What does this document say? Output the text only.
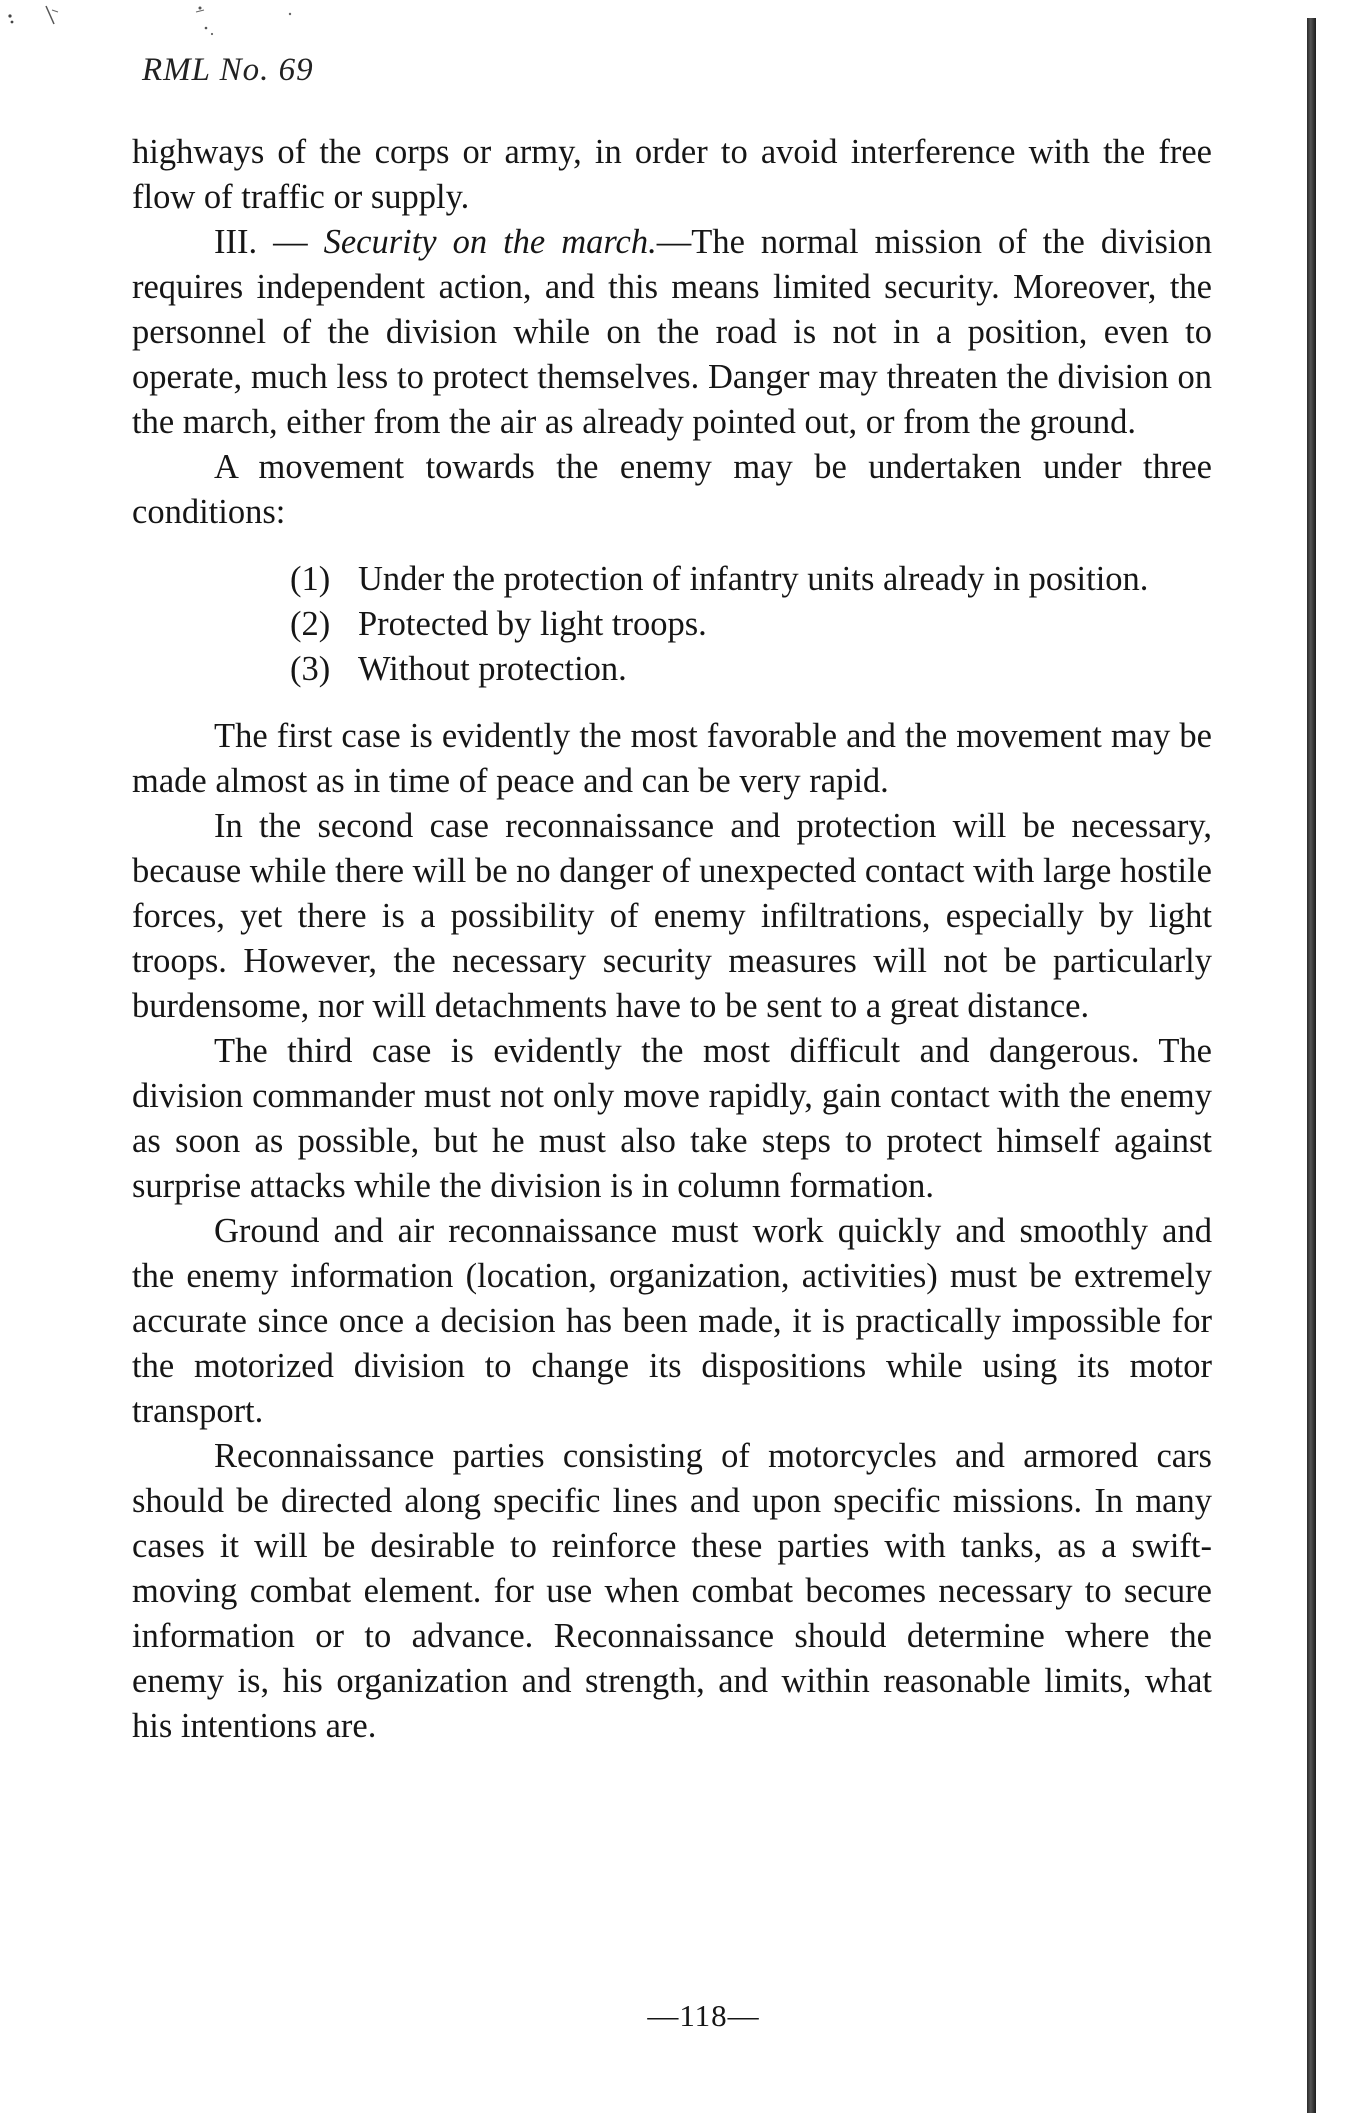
RML No. 69

highways of the corps or army, in order to avoid interference with the free flow of traffic or supply.

III. — Security on the march.—The normal mission of the division requires independent action, and this means limited security. Moreover, the personnel of the division while on the road is not in a position, even to operate, much less to protect themselves. Danger may threaten the division on the march, either from the air as already pointed out, or from the ground.

A movement towards the enemy may be undertaken under three conditions:

(1) Under the protection of infantry units already in position.
(2) Protected by light troops.
(3) Without protection.

The first case is evidently the most favorable and the movement may be made almost as in time of peace and can be very rapid.

In the second case reconnaissance and protection will be necessary, because while there will be no danger of unexpected contact with large hostile forces, yet there is a possibility of enemy infiltrations, especially by light troops. However, the necessary security measures will not be particularly burdensome, nor will detachments have to be sent to a great distance.

The third case is evidently the most difficult and dangerous. The division commander must not only move rapidly, gain contact with the enemy as soon as possible, but he must also take steps to protect himself against surprise attacks while the division is in column formation.

Ground and air reconnaissance must work quickly and smoothly and the enemy information (location, organization, activities) must be extremely accurate since once a decision has been made, it is practically impossible for the motorized division to change its dispositions while using its motor transport.

Reconnaissance parties consisting of motorcycles and armored cars should be directed along specific lines and upon specific missions. In many cases it will be desirable to reinforce these parties with tanks, as a swift-moving combat element. for use when combat becomes necessary to secure information or to advance. Reconnaissance should determine where the enemy is, his organization and strength, and within reasonable limits, what his intentions are.

—118—
